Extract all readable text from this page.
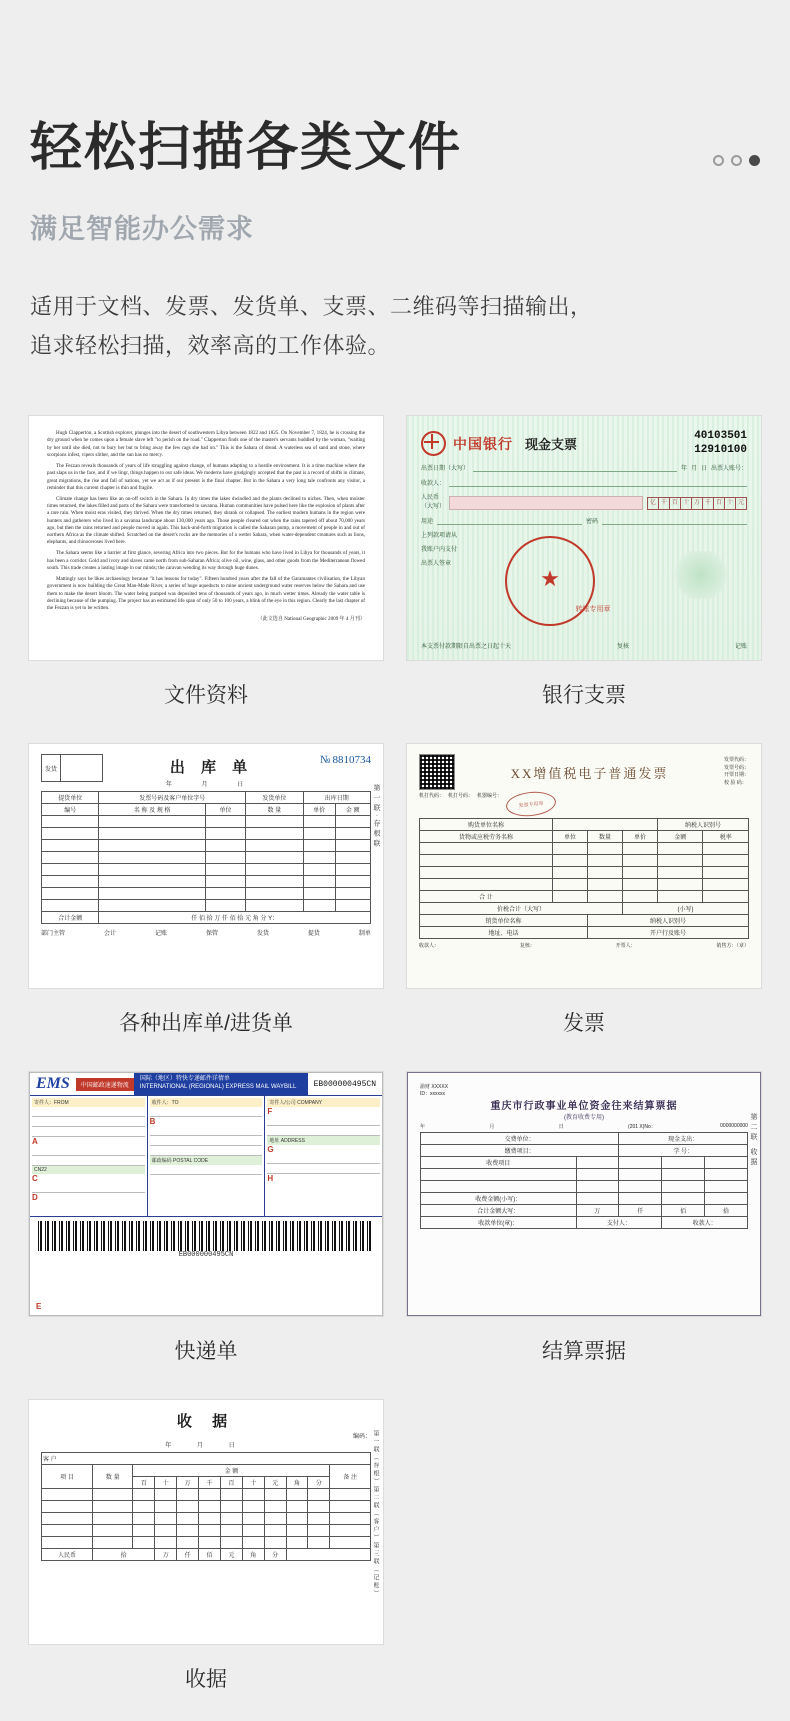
轻松扫描各类文件
满足智能办公需求
适用于文档、发票、发货单、支票、二维码等扫描输出，
追求轻松扫描，效率高的工作体验。

Hugh Clapperton, a Scottish explorer, plunges into the desert of southwestern Libya between 1822 and 1825. On November 7, 1824, he is crossing the dry ground when he comes upon a female slave left "to perish on the road." Clapperton finds one of the master's servants huddled by the woman, "waiting by her until she died, not to bury her but to bring away the few rags she had on." This is the Sahara of dread. A waterless sea of sand and stone, where scorpions infest, vipers slither, and the sun has no mercy.

The Fezzan reveals thousands of years of life struggling against change, of humans adapting to a hostile environment. It is a time machine where the past slaps us in the face, and if we lingr, things happen to our safe ideas. We moderns have grudgingly accepted that the past is a record of shifts in climate, great migrations, the rise and fall of nations, yet we act as if our present is the final chapter. But in the Sahara a very long tale confronts any visitor, a reminder that this current chapter is thin and fragile.

Climate change has been like an on-off switch in the Sahara. In dry times the lakes dwindled and the plants declined to niches. Then, when moister times returned, the lakes filled and parts of the Sahara were transformed to savanna. Human communities have pulsed here like the explosion of plants after a rare rain. When moist eras visited, they thrived. When the dry times returned, they shrank or collapsed. The earliest modern humans in the region were hunters and gatherers who lived in a savanna landscape about 130,000 years ago. Those people cleared out when the rains tapered off about 70,000 years ago, but then the rains returned and people moved in again. This back-and-forth migration is called the Saharan pump, a movement of people in and out of northern Africa as the climate shifted. Scratched on the desert's rocks are the memories of a wetter Sahara, when water-dependent creatures such as lions, elephants, and rhinoceroses lived here.

The Sahara seems like a barrier at first glance, severing Africa into two pieces. But for the humans who have lived in Libya for thousands of years, it has been a corridor. Gold and ivory and slaves came north from sub-Saharan Africa; olive oil, wine, glass, and other goods from the Mediterranean flowed south. This trade creates a lasting image in our minds; the caravan wending its way through huge dunes.

Mattingly says he likes archaeology because "it has lessons for today". Fifteen hundred years after the fall of the Garamantes civilisation, the Libyan government is now building the Great Man-Made River, a series of huge aqueducts to mine ancient underground water reserves below the Sahara and use them to make the desert bloom. The water being pumped was deposited tens of thousands of years ago, in much wetter times. Already the water table is declining because of the pumping. The project has an estimated life span of only 50 to 100 years, a blink of the eye in this region. Clearly the last chapter of the Fezzan is yet to be written.

（此文选自 National Geographic 2009 年 4 月刊）

文件资料
中国银行 现金支票
40103501
12910100
出票日期（大写）	年 月 日 出票人账号：
收款人：
人民币
（大写）
亿 千 百 十 万 千 百 十 元
用途	密码
上列款项请从
我账户内支付
出票人签章
★
转账专用章
本支票付款期限自出票之日起十天	复核	记账
银行支票
发货	出 库 单
年	月	日
№ 8810734
提货单位	发票号码及客户单位字号		发货单位	出库日期	
编号	名 称 及 规 格	单位	数 量	单价	金 额

合计金额	仟 佰 拾 万 仟 佰 拾 元 角 分 Y：				
部门主管	会计	记账	保管	发货	提货	制单
第一联·存根联
各种出库单/进货单
XX增值税电子普通发票
发票代码：
发票号码：
开票日期：
校 验 码：
机打代码： 机打号码： 机器编号：
发票专用章
购货单位名称				纳税人识别号	
货物或应税劳务名称	单位	数量	单价	金额	税率

合 计					
价税合计（大写）			(小写)		
销货单位名称		纳税人识别号			
地址、电话		开户行及账号			
收款人：	复核：	开票人：	销售方：（章）
发票
EMS	中国邮政速递物流
国际（地区）特快专递邮件详情单
INTERNATIONAL (REGIONAL) EXPRESS MAIL WAYBILL	EB000000495CN
寄件人：FROM
A
CN22
C
D
收件人：TO
B
邮政编码 POSTAL CODE
寄件人/公司 COMPANY
F
地址 ADDRESS
G
H
EB000000495CN
E
快递单
渝财 XXXXX
ID：xxxxxx
重庆市行政事业单位资金往来结算票据
(教育收费专用)
年	月	日	(201 X)No：	0000000000
交费单位：		现金支出：		
缴费项目：		学 号：		
收费项目				

收费金额(小写)：				
合计金额大写：	万	仟	佰	拾
收款单位(章)：	支付人：		收款人：	
第二联 收据
结算票据
收 据
编码：
年 月 日
客 户											
项 目	数 量	金 额									备 注
		百	十	万	千	百	十	元	角	分	

人民币	拾		万	仟	佰	元	角	分				第一联（存根）第二联（客户）第三联（记账）
收据
